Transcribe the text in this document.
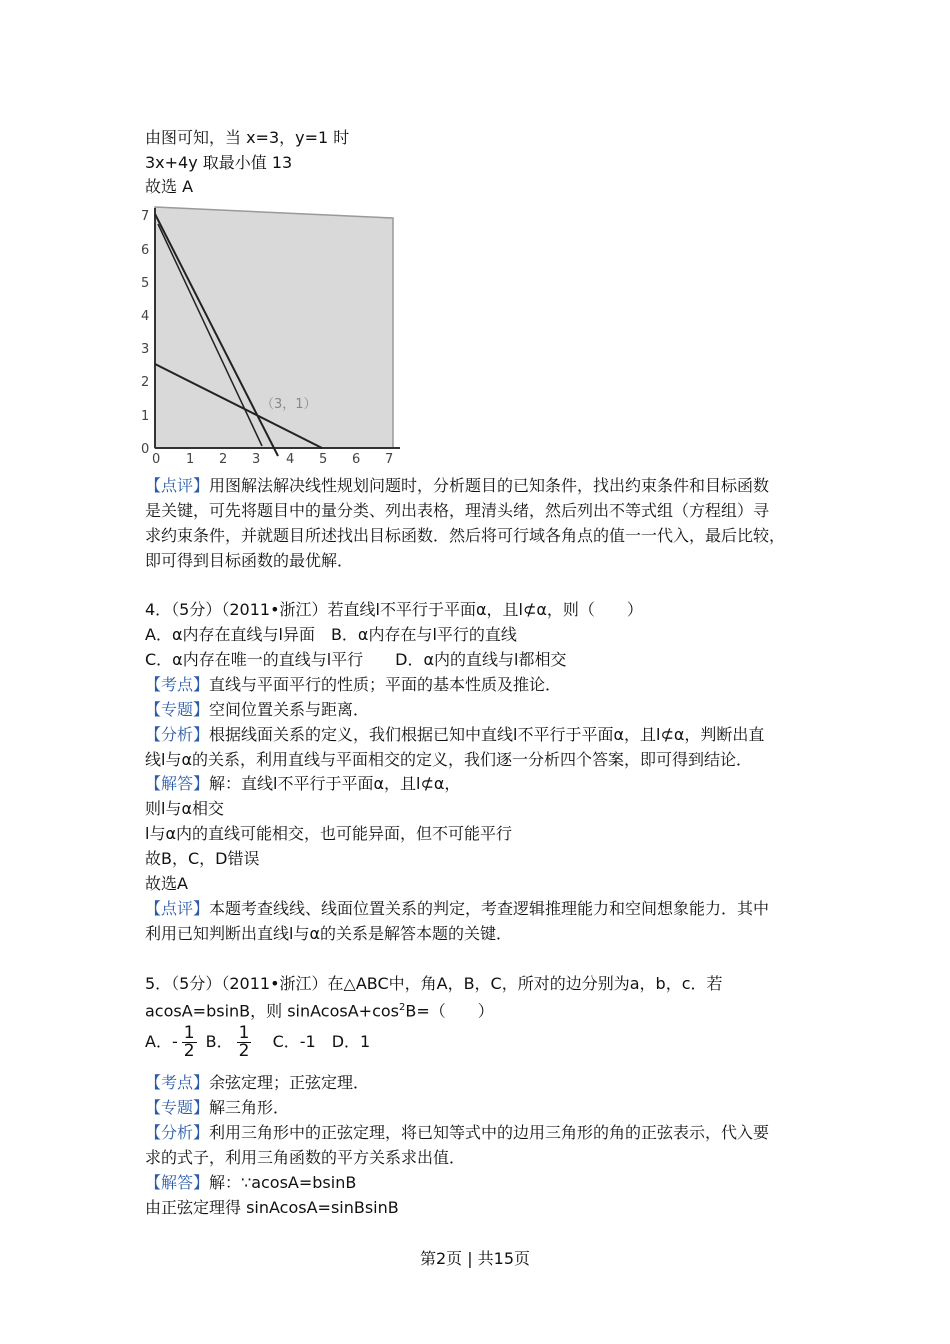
由图可知，当 x=3，y=1 时
3x+4y 取最小值 13
故选 A
（3，1）
0 1 2 3 4 5 6 7
0
1
2
3
4
5
6
7
【点评】用图解法解决线性规划问题时，分析题目的已知条件，找出约束条件和目标函数
是关键，可先将题目中的量分类、列出表格，理清头绪，然后列出不等式组（方程组）寻
求约束条件，并就题目所述找出目标函数．然后将可行域各角点的值一一代入，最后比较，
即可得到目标函数的最优解．
4．（5分）（2011•浙江）若直线l不平行于平面α，且l⊄α，则（　　）
A．α内存在直线与l异面　B．α内存在与l平行的直线
C．α内存在唯一的直线与l平行　　D．α内的直线与l都相交
【考点】直线与平面平行的性质；平面的基本性质及推论．
【专题】空间位置关系与距离．
【分析】根据线面关系的定义，我们根据已知中直线l不平行于平面α，且l⊄α，判断出直
线l与α的关系，利用直线与平面相交的定义，我们逐一分析四个答案，即可得到结论．
【解答】解：直线l不平行于平面α，且l⊄α，
则l与α相交
l与α内的直线可能相交，也可能异面，但不可能平行
故B，C，D错误
故选A
【点评】本题考查线线、线面位置关系的判定，考查逻辑推理能力和空间想象能力．其中
利用已知判断出直线l与α的关系是解答本题的关键．
5．（5分）（2011•浙江）在△ABC中，角A，B，C，所对的边分别为a，b，c．若
acosA=bsinB，则 $sinAcosA+\cos^2B=$（　　）
A．- $\frac{1}{2}$ B． $\frac{1}{2}$ C．-1　D．1
【考点】余弦定理；正弦定理．
【专题】解三角形．
【分析】利用三角形中的正弦定理，将已知等式中的边用三角形的角的正弦表示，代入要
求的式子，利用三角函数的平方关系求出值．
【解答】解：∵acosA=bsinB
由正弦定理得 sinAcosA=sinBsinB
第2页 | 共15页
